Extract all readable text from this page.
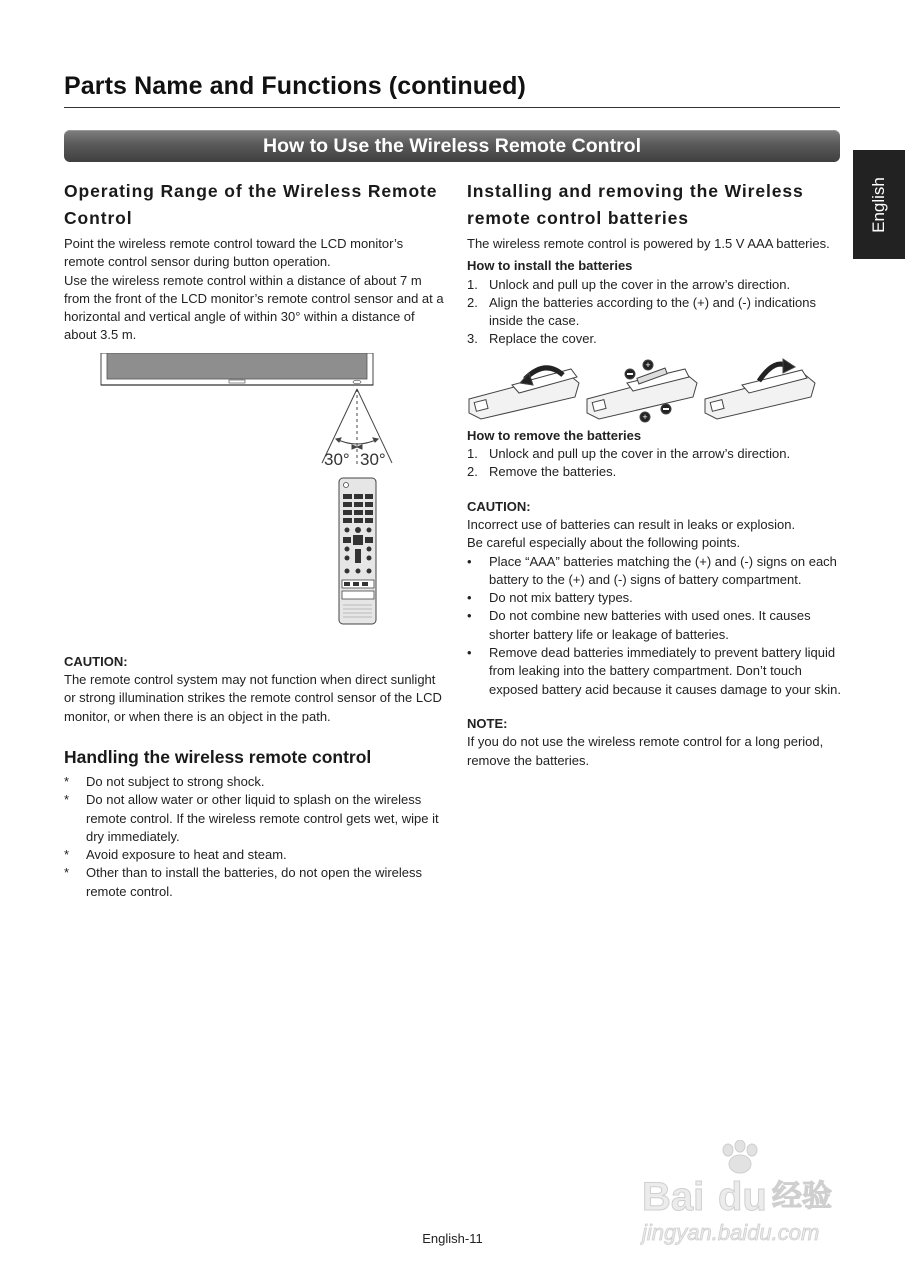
Parts Name and Functions (continued)
How to Use the Wireless Remote Control
English
Operating Range of the Wireless Remote
Control

Point the wireless remote control toward the LCD monitor’s remote control sensor during button operation.

Use the wireless remote control within a distance of about 7 m from the front of the LCD monitor’s remote control sensor and at a horizontal and vertical angle of within 30° within a distance of about 3.5 m.

30° 30°

CAUTION:

The remote control system may not function when direct sunlight or strong illumination strikes the remote control sensor of the LCD monitor, or when there is an object in the path.

Handling the wireless remote control
* Do not subject to strong shock.
* Do not allow water or other liquid to splash on the wireless remote control. If the wireless remote control gets wet, wipe it dry immediately.
* Avoid exposure to heat and steam.
* Other than to install the batteries, do not open the wireless remote control.
Installing and removing the Wireless
remote control batteries

The wireless remote control is powered by 1.5 V AAA batteries.

How to install the batteries

1. Unlock and pull up the cover in the arrow’s direction.
2. Align the batteries according to the (+) and (-) indications inside the case.
3. Replace the cover.
+
+

How to remove the batteries

1. Unlock and pull up the cover in the arrow’s direction.
2. Remove the batteries.

CAUTION:

Incorrect use of batteries can result in leaks or explosion.

Be careful especially about the following points.

• Place “AAA” batteries matching the (+) and (-) signs on each battery to the (+) and (-) signs of battery compartment.
• Do not mix battery types.
• Do not combine new batteries with used ones. It causes shorter battery life or leakage of batteries.
• Remove dead batteries immediately to prevent battery liquid from leaking into the battery compartment. Don’t touch exposed battery acid because it causes damage to your skin.

NOTE:

If you do not use the wireless remote control for a long period, remove the batteries.

English-11
Bai du 经验
jingyan.baidu.com
